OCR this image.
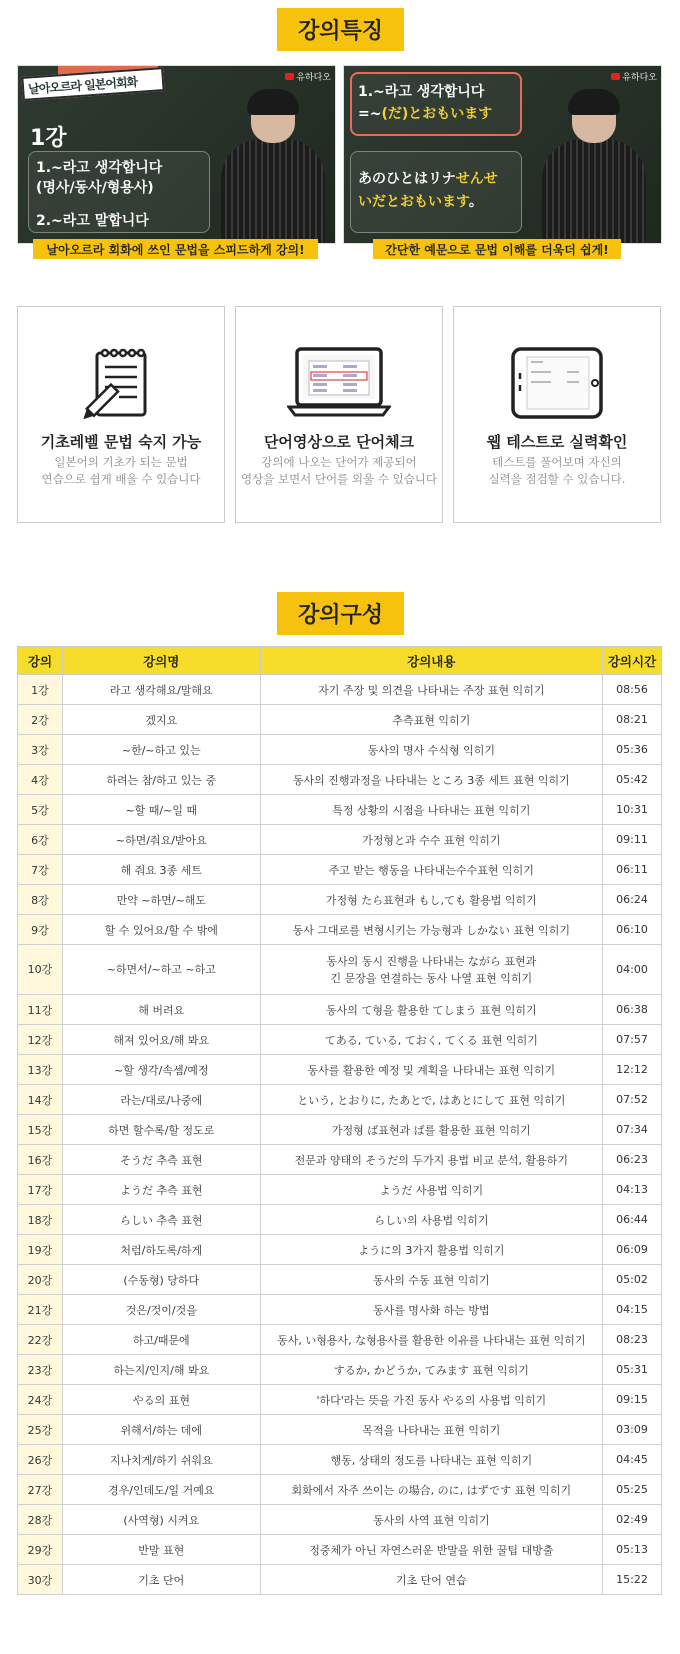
강의특징
날아오르라 일본어회화	유하다오
1강
1.~라고 생각합니다
(명사/동사/형용사)
2.~라고 말합니다
날아오르라 회화에 쓰인 문법을 스피드하게 강의!
유하다오
1.~라고 생각합니다
=~(だ)とおもいます
あのひとはリナせんせ
いだとおもいます。
간단한 예문으로 문법 이해를 더욱더 쉽게!
기초레벨 문법 숙지 가능
일본어의 기초가 되는 문법
연습으로 쉽게 배울 수 있습니다
단어영상으로 단어체크
강의에 나오는 단어가 제공되어
영상을 보면서 단어를 외울 수 있습니다
웹 테스트로 실력확인
테스트를 풀어보며 자신의
실력을 점검할 수 있습니다.
강의구성
강의	강의명	강의내용	강의시간
1강	라고 생각해요/말해요	자기 주장 및 의견을 나타내는 주장 표현 익히기	08:56
2강	겠지요	추측표현 익히기	08:21
3강	~한/~하고 있는	동사의 명사 수식형 익히기	05:36
4강	하려는 참/하고 있는 중	동사의 진행과정을 나타내는 ところ 3종 세트 표현 익히기	05:42
5강	~할 때/~일 때	특정 상황의 시점을 나타내는 표현 익히기	10:31
6강	~하면/줘요/받아요	가정형と과 수수 표현 익히기	09:11
7강	해 줘요 3종 세트	주고 받는 행동을 나타내는수수표현 익히기	06:11
8강	만약 ~하면/~해도	가정형 たら표현과 もし,ても 활용법 익히기	06:24
9강	할 수 있어요/할 수 밖에	동사 그대로를 변형시키는 가능형과 しかない 표현 익히기	06:10
10강	~하면서/~하고 ~하고	동사의 동시 진행을 나타내는 ながら 표현과
긴 문장을 연결하는 동사 나열 표현 익히기	04:00
11강	해 버려요	동사의 て형을 활용한 てしまう 표현 익히기	06:38
12강	해져 있어요/해 봐요	てある, ている, ておく, てくる 표현 익히기	07:57
13강	~할 생각/속셈/예정	동사를 활용한 예정 및 계획을 나타내는 표현 익히기	12:12
14강	라는/대로/나중에	という, とおりに, たあとで, はあとにして 표현 익히기	07:52
15강	하면 할수록/할 정도로	가정형 ば표현과 ば를 활용한 표현 익히기	07:34
16강	そうだ 추측 표현	전문과 양태의 そうだ의 두가지 용법 비교 분석, 활용하기	06:23
17강	ようだ 추측 표현	ようだ 사용법 익히기	04:13
18강	らしい 추측 표현	らしい의 사용법 익히기	06:44
19강	처럼/하도록/하게	ように의 3가지 활용법 익히기	06:09
20강	(수동형) 당하다	동사의 수동 표현 익히기	05:02
21강	것은/것이/것을	동사를 명사화 하는 방법	04:15
22강	하고/때문에	동사, い형용사, な형용사를 활용한 이유를 나타내는 표현 익히기	08:23
23강	하는지/인지/해 봐요	するか, かどうか, てみます 표현 익히기	05:31
24강	やる의 표현	'하다'라는 뜻을 가진 동사 やる의 사용법 익히기	09:15
25강	위해서/하는 데에	목적을 나타내는 표현 익히기	03:09
26강	지나치게/하기 쉬워요	행동, 상태의 정도를 나타내는 표현 익히기	04:45
27강	경우/인데도/일 거예요	회화에서 자주 쓰이는 の場合, のに, はずです 표현 익히기	05:25
28강	(사역형) 시켜요	동사의 사역 표현 익히기	02:49
29강	반말 표현	정중체가 아닌 자연스러운 반말을 위한 꿀팁 대방출	05:13
30강	기초 단어	기초 단어 연습	15:22
